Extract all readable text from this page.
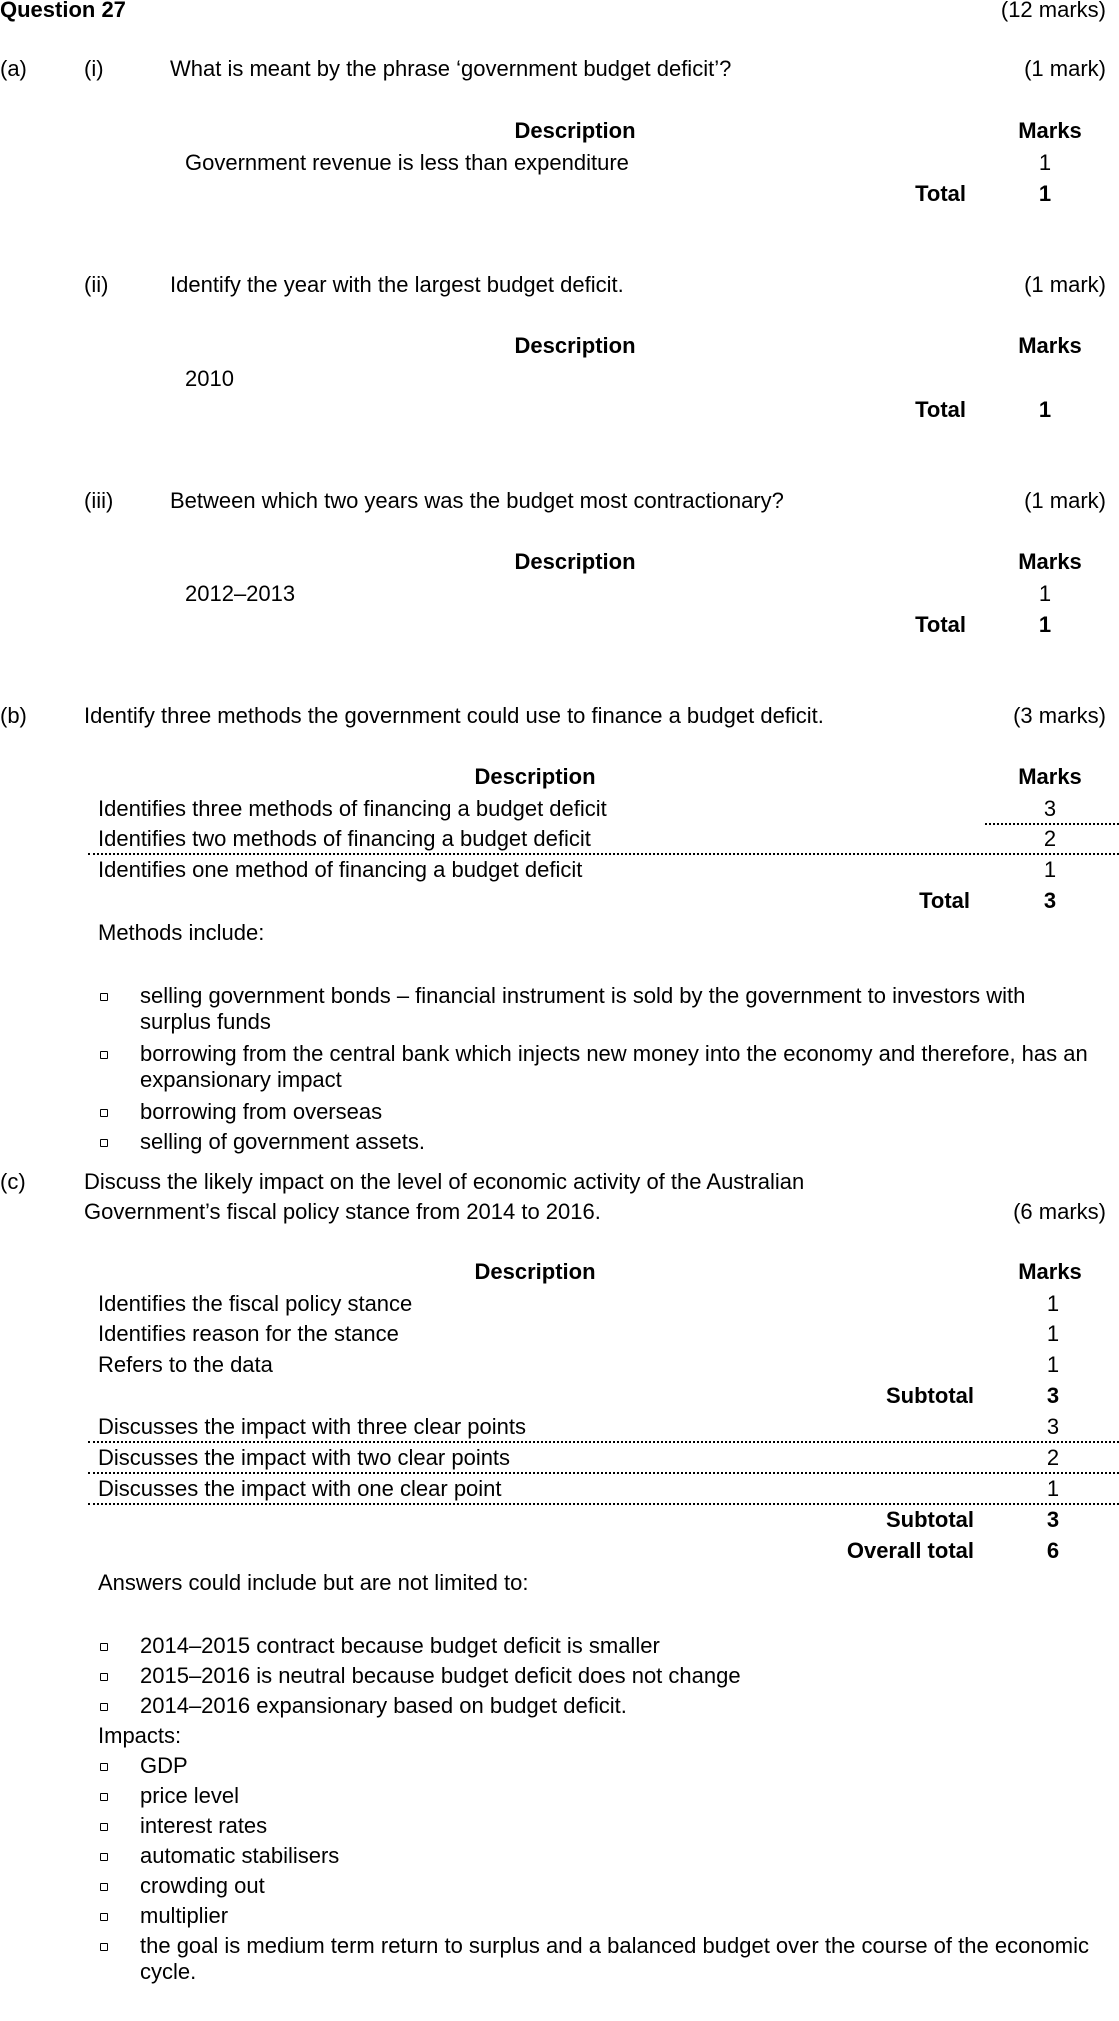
Question 27	(12 marks)
(a)	(i)	What is meant by the phrase ‘government budget deficit’?	(1 mark)
Description	Marks
Government revenue is less than expenditure	1
Total	1
(ii)	Identify the year with the largest budget deficit.	(1 mark)
Description	Marks
2010
Total	1
(iii)	Between which two years was the budget most contractionary?	(1 mark)
Description	Marks
2012–2013	1
Total	1
(b)	Identify three methods the government could use to finance a budget deficit.	(3 marks)
Description	Marks
Identifies three methods of financing a budget deficit	3
Identifies two methods of financing a budget deficit	2
Identifies one method of financing a budget deficit	1
Total	3
Methods include:
selling government bonds – financial instrument is sold by the government to investors with surplus funds
borrowing from the central bank which injects new money into the economy and therefore, has an expansionary impact
borrowing from overseas
selling of government assets.
(c)	Discuss the likely impact on the level of economic activity of the Australian
Government’s fiscal policy stance from 2014 to 2016.	(6 marks)
Description	Marks
Identifies the fiscal policy stance	1
Identifies reason for the stance	1
Refers to the data	1
Subtotal	3
Discusses the impact with three clear points	3
Discusses the impact with two clear points	2
Discusses the impact with one clear point	1
Subtotal	3
Overall total	6
Answers could include but are not limited to:
2014–2015 contract because budget deficit is smaller
2015–2016 is neutral because budget deficit does not change
2014–2016 expansionary based on budget deficit.
Impacts:
GDP
price level
interest rates
automatic stabilisers
crowding out
multiplier
the goal is medium term return to surplus and a balanced budget over the course of the economic cycle.
